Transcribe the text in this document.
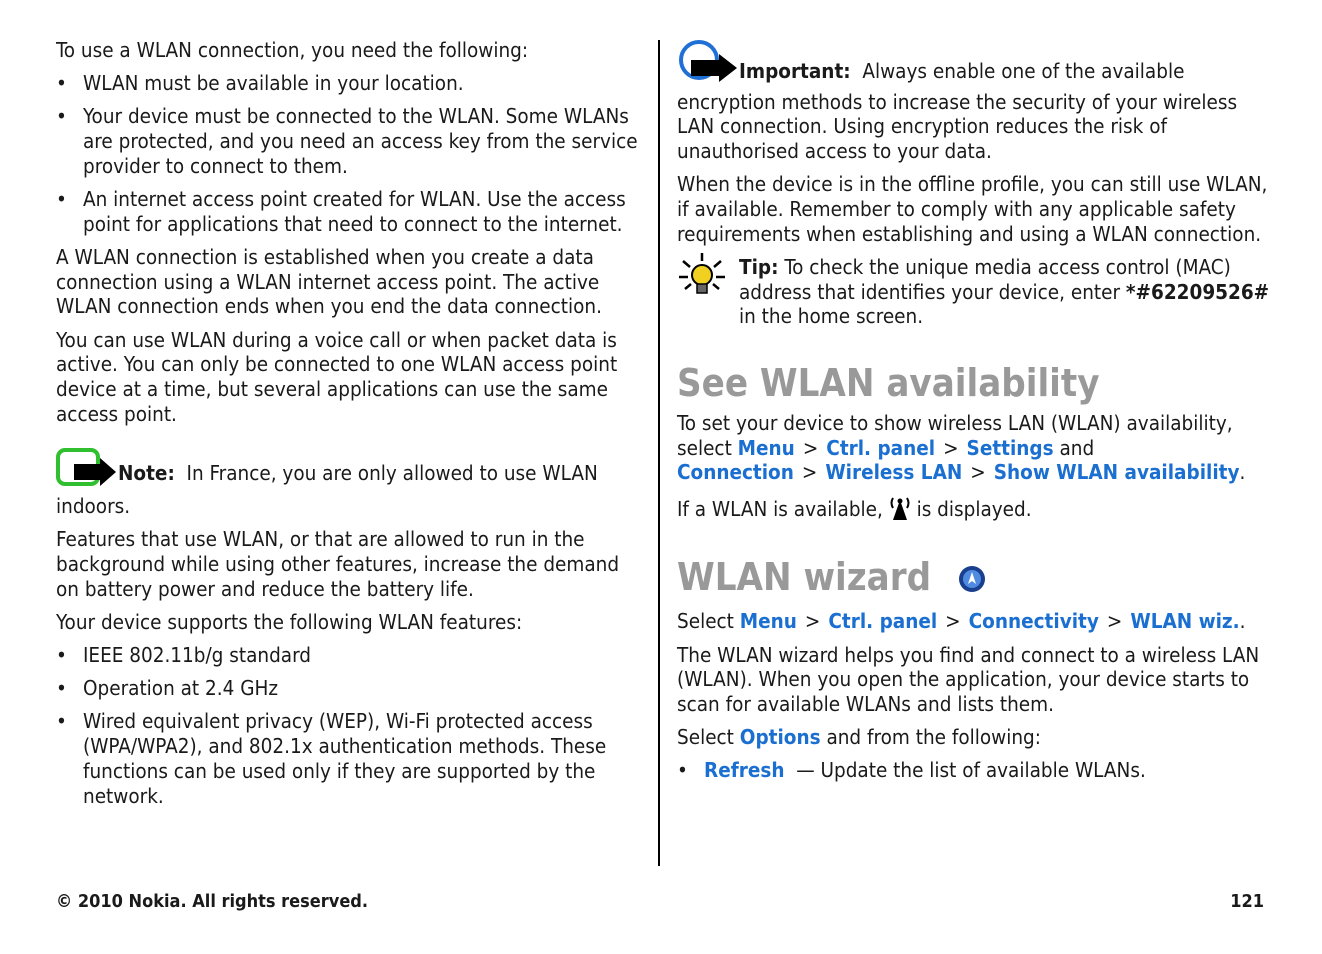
To use a WLAN connection, you need the following:

• WLAN must be available in your location.
• Your device must be connected to the WLAN. Some WLANs are protected, and you need an access key from the service provider to connect to them.
• An internet access point created for WLAN. Use the access point for applications that need to connect to the internet.

A WLAN connection is established when you create a data connection using a WLAN internet access point. The active WLAN connection ends when you end the data connection.

You can use WLAN during a voice call or when packet data is active. You can only be connected to one WLAN access point device at a time, but several applications can use the same access point.

Note: In France, you are only allowed to use WLAN indoors.

Features that use WLAN, or that are allowed to run in the background while using other features, increase the demand on battery power and reduce the battery life.

Your device supports the following WLAN features:

• IEEE 802.11b/g standard
• Operation at 2.4 GHz
• Wired equivalent privacy (WEP), Wi-Fi protected access (WPA/WPA2), and 802.1x authentication methods. These functions can be used only if they are supported by the network.

Important: Always enable one of the available encryption methods to increase the security of your wireless LAN connection. Using encryption reduces the risk of unauthorised access to your data.

When the device is in the offline profile, you can still use WLAN, if available. Remember to comply with any applicable safety requirements when establishing and using a WLAN connection.

Tip: To check the unique media access control (MAC) address that identifies your device, enter *#62209526# in the home screen.

See WLAN availability

To set your device to show wireless LAN (WLAN) availability, select Menu > Ctrl. panel > Settings and Connection > Wireless LAN > Show WLAN availability.

If a WLAN is available, is displayed.

WLAN wizard

Select Menu > Ctrl. panel > Connectivity > WLAN wiz..

The WLAN wizard helps you find and connect to a wireless LAN (WLAN). When you open the application, your device starts to scan for available WLANs and lists them.

Select Options and from the following:

• Refresh — Update the list of available WLANs.
© 2010 Nokia. All rights reserved.	121
